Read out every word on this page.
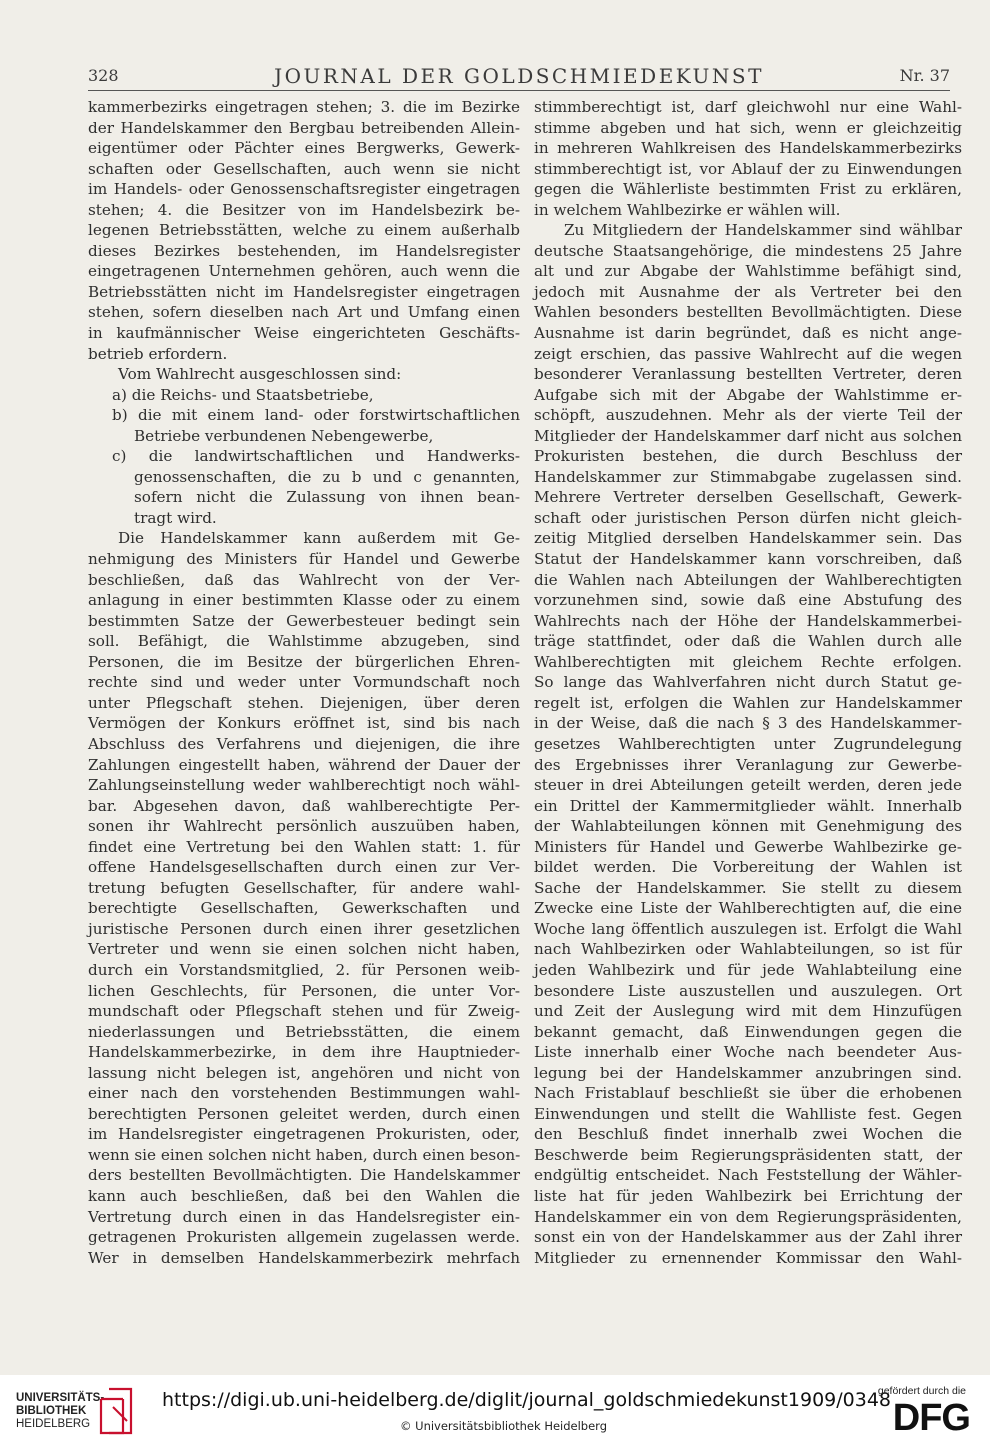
328	JOURNAL DER GOLDSCHMIEDEKUNST	Nr. 37
kammerbezirks eingetragen stehen; 3. die im Bezirke
der Handelskammer den Bergbau betreibenden Allein-
eigentümer oder Pächter eines Bergwerks, Gewerk-
schaften oder Gesellschaften, auch wenn sie nicht
im Handels- oder Genossenschaftsregister eingetragen
stehen; 4. die Besitzer von im Handelsbezirk be-
legenen Betriebsstätten, welche zu einem außerhalb
dieses Bezirkes bestehenden, im Handelsregister
eingetragenen Unternehmen gehören, auch wenn die
Betriebsstätten nicht im Handelsregister eingetragen
stehen, sofern dieselben nach Art und Umfang einen
in kaufmännischer Weise eingerichteten Geschäfts-
betrieb erfordern.
Vom Wahlrecht ausgeschlossen sind:
a) die Reichs- und Staatsbetriebe,
b) die mit einem land- oder forstwirtschaftlichen
Betriebe verbundenen Nebengewerbe,
c) die landwirtschaftlichen und Handwerks-
genossenschaften, die zu b und c genannten,
sofern nicht die Zulassung von ihnen bean-
tragt wird.
Die Handelskammer kann außerdem mit Ge-
nehmigung des Ministers für Handel und Gewerbe
beschließen, daß das Wahlrecht von der Ver-
anlagung in einer bestimmten Klasse oder zu einem
bestimmten Satze der Gewerbesteuer bedingt sein
soll. Befähigt, die Wahlstimme abzugeben, sind
Personen, die im Besitze der bürgerlichen Ehren-
rechte sind und weder unter Vormundschaft noch
unter Pflegschaft stehen. Diejenigen, über deren
Vermögen der Konkurs eröffnet ist, sind bis nach
Abschluss des Verfahrens und diejenigen, die ihre
Zahlungen eingestellt haben, während der Dauer der
Zahlungseinstellung weder wahlberechtigt noch wähl-
bar. Abgesehen davon, daß wahlberechtigte Per-
sonen ihr Wahlrecht persönlich auszuüben haben,
findet eine Vertretung bei den Wahlen statt: 1. für
offene Handelsgesellschaften durch einen zur Ver-
tretung befugten Gesellschafter, für andere wahl-
berechtigte Gesellschaften, Gewerkschaften und
juristische Personen durch einen ihrer gesetzlichen
Vertreter und wenn sie einen solchen nicht haben,
durch ein Vorstandsmitglied, 2. für Personen weib-
lichen Geschlechts, für Personen, die unter Vor-
mundschaft oder Pflegschaft stehen und für Zweig-
niederlassungen und Betriebsstätten, die einem
Handelskammerbezirke, in dem ihre Hauptnieder-
lassung nicht belegen ist, angehören und nicht von
einer nach den vorstehenden Bestimmungen wahl-
berechtigten Personen geleitet werden, durch einen
im Handelsregister eingetragenen Prokuristen, oder,
wenn sie einen solchen nicht haben, durch einen beson-
ders bestellten Bevollmächtigten. Die Handelskammer
kann auch beschließen, daß bei den Wahlen die
Vertretung durch einen in das Handelsregister ein-
getragenen Prokuristen allgemein zugelassen werde.
Wer in demselben Handelskammerbezirk mehrfach
stimmberechtigt ist, darf gleichwohl nur eine Wahl-
stimme abgeben und hat sich, wenn er gleichzeitig
in mehreren Wahlkreisen des Handelskammerbezirks
stimmberechtigt ist, vor Ablauf der zu Einwendungen
gegen die Wählerliste bestimmten Frist zu erklären,
in welchem Wahlbezirke er wählen will.
Zu Mitgliedern der Handelskammer sind wählbar
deutsche Staatsangehörige, die mindestens 25 Jahre
alt und zur Abgabe der Wahlstimme befähigt sind,
jedoch mit Ausnahme der als Vertreter bei den
Wahlen besonders bestellten Bevollmächtigten. Diese
Ausnahme ist darin begründet, daß es nicht ange-
zeigt erschien, das passive Wahlrecht auf die wegen
besonderer Veranlassung bestellten Vertreter, deren
Aufgabe sich mit der Abgabe der Wahlstimme er-
schöpft, auszudehnen. Mehr als der vierte Teil der
Mitglieder der Handelskammer darf nicht aus solchen
Prokuristen bestehen, die durch Beschluss der
Handelskammer zur Stimmabgabe zugelassen sind.
Mehrere Vertreter derselben Gesellschaft, Gewerk-
schaft oder juristischen Person dürfen nicht gleich-
zeitig Mitglied derselben Handelskammer sein. Das
Statut der Handelskammer kann vorschreiben, daß
die Wahlen nach Abteilungen der Wahlberechtigten
vorzunehmen sind, sowie daß eine Abstufung des
Wahlrechts nach der Höhe der Handelskammerbei-
träge stattfindet, oder daß die Wahlen durch alle
Wahlberechtigten mit gleichem Rechte erfolgen.
So lange das Wahlverfahren nicht durch Statut ge-
regelt ist, erfolgen die Wahlen zur Handelskammer
in der Weise, daß die nach § 3 des Handelskammer-
gesetzes Wahlberechtigten unter Zugrundelegung
des Ergebnisses ihrer Veranlagung zur Gewerbe-
steuer in drei Abteilungen geteilt werden, deren jede
ein Drittel der Kammermitglieder wählt. Innerhalb
der Wahlabteilungen können mit Genehmigung des
Ministers für Handel und Gewerbe Wahlbezirke ge-
bildet werden. Die Vorbereitung der Wahlen ist
Sache der Handelskammer. Sie stellt zu diesem
Zwecke eine Liste der Wahlberechtigten auf, die eine
Woche lang öffentlich auszulegen ist. Erfolgt die Wahl
nach Wahlbezirken oder Wahlabteilungen, so ist für
jeden Wahlbezirk und für jede Wahlabteilung eine
besondere Liste auszustellen und auszulegen. Ort
und Zeit der Auslegung wird mit dem Hinzufügen
bekannt gemacht, daß Einwendungen gegen die
Liste innerhalb einer Woche nach beendeter Aus-
legung bei der Handelskammer anzubringen sind.
Nach Fristablauf beschließt sie über die erhobenen
Einwendungen und stellt die Wahlliste fest. Gegen
den Beschluß findet innerhalb zwei Wochen die
Beschwerde beim Regierungspräsidenten statt, der
endgültig entscheidet. Nach Feststellung der Wähler-
liste hat für jeden Wahlbezirk bei Errichtung der
Handelskammer ein von dem Regierungspräsidenten,
sonst ein von der Handelskammer aus der Zahl ihrer
Mitglieder zu ernennender Kommissar den Wahl-
UNIVERSITÄTS-
BIBLIOTHEK
HEIDELBERG
https://digi.ub.uni-heidelberg.de/diglit/journal_goldschmiedekunst1909/0348
© Universitätsbibliothek Heidelberg
gefördert durch die
DFG
